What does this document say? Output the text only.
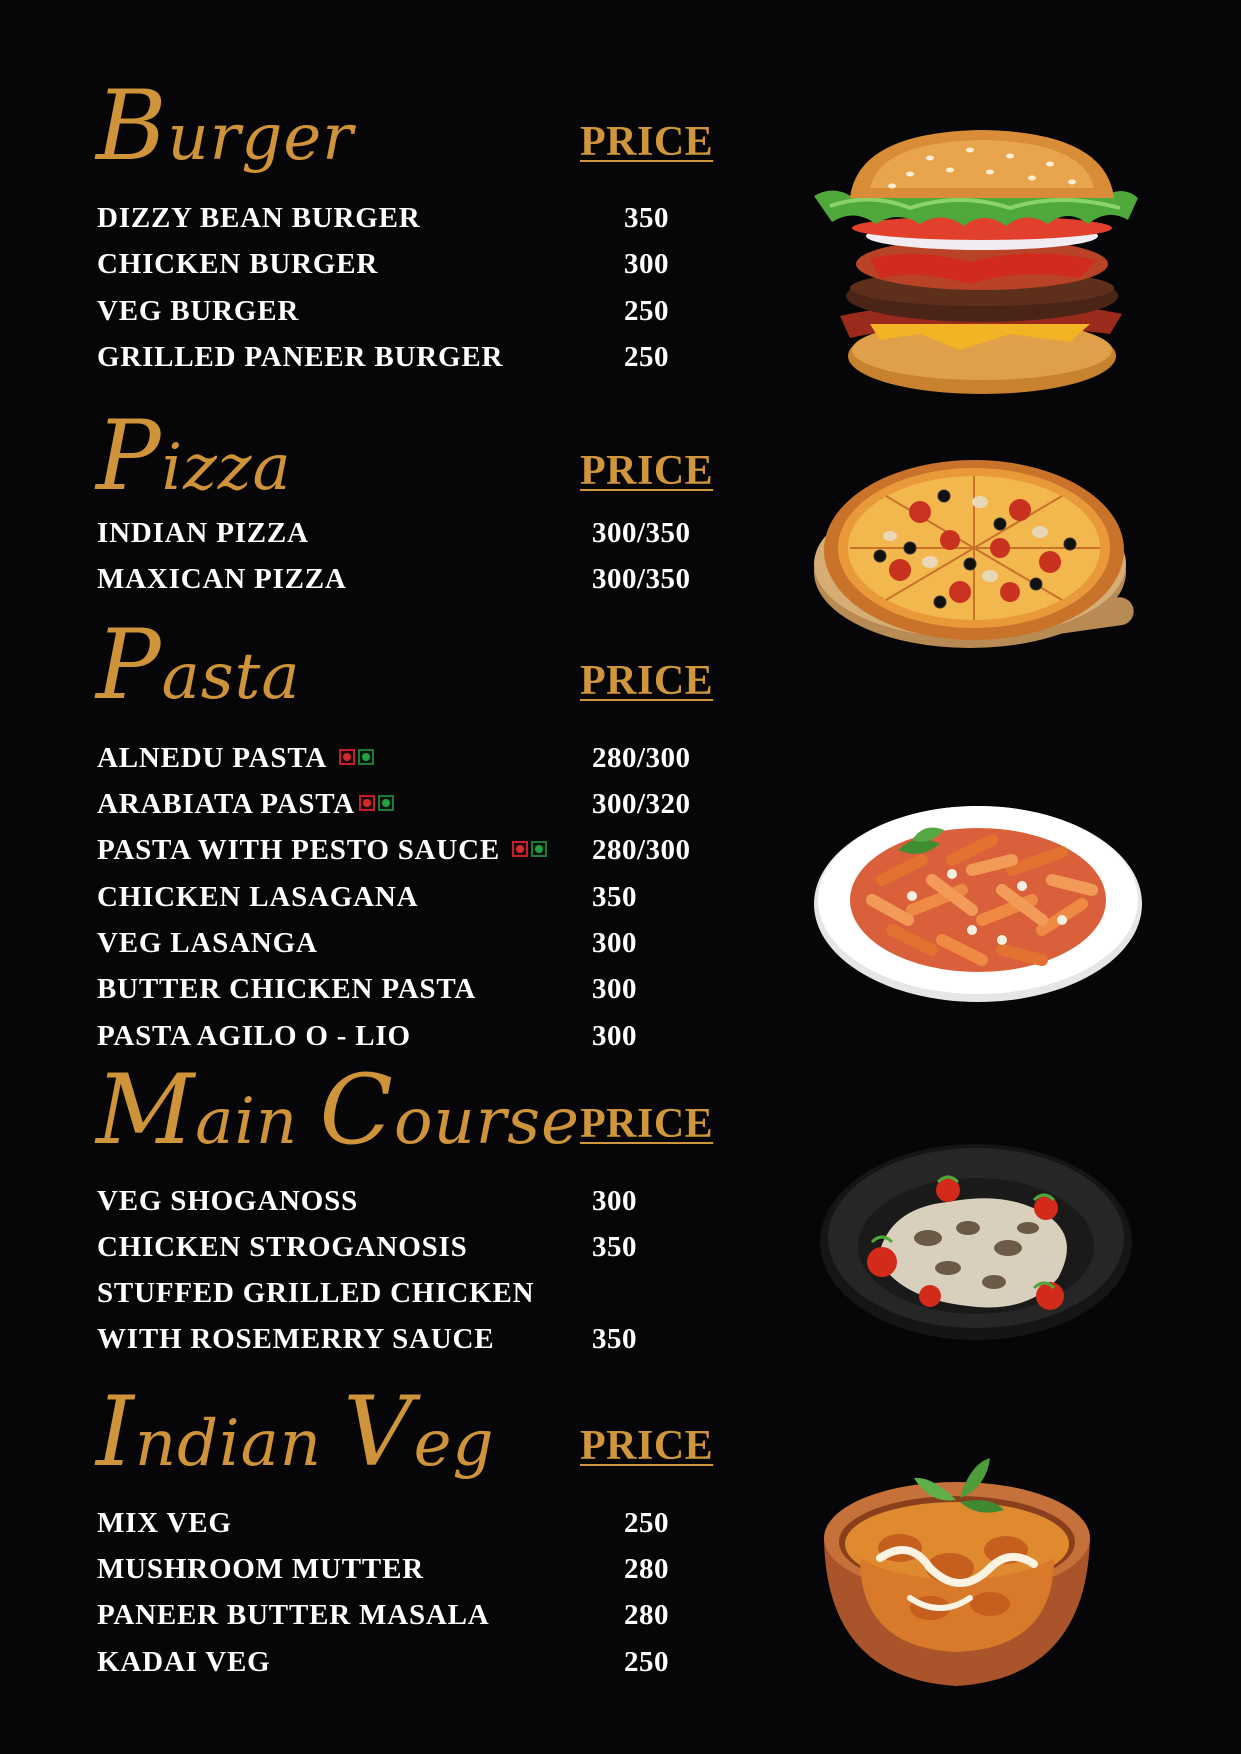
Burger	PRICE
DIZZY BEAN BURGER	350
CHICKEN BURGER	300
VEG BURGER	250
GRILLED PANEER BURGER	250
Pizza	PRICE
INDIAN PIZZA	300/350
MAXICAN PIZZA	300/350
Pasta	PRICE
ALNEDU PASTA	280/300
ARABIATA PASTA	300/320
PASTA WITH PESTO SAUCE	280/300
CHICKEN LASAGANA	350
VEG LASANGA	300
BUTTER CHICKEN PASTA	300
PASTA AGILO O - LIO	300
Main Course PRICE
VEG SHOGANOSS	300
CHICKEN STROGANOSIS	350
STUFFED GRILLED CHICKEN
WITH ROSEMERRY SAUCE	350
Indian Veg PRICE
MIX VEG	250
MUSHROOM MUTTER	280
PANEER BUTTER MASALA	280
KADAI VEG	250
